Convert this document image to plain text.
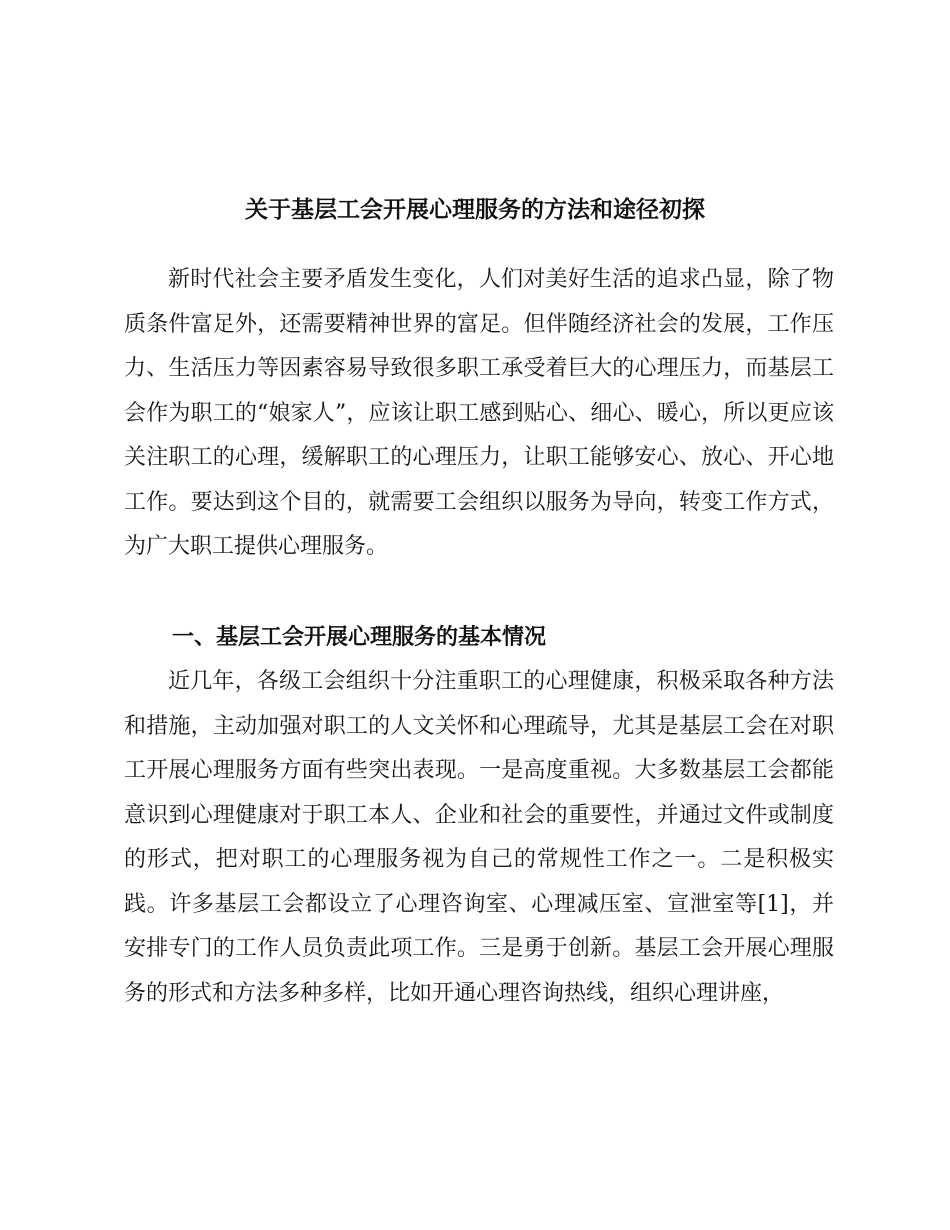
关于基层工会开展心理服务的方法和途径初探

新时代社会主要矛盾发生变化，人们对美好生活的追求凸显，除了物质条件富足外，还需要精神世界的富足。但伴随经济社会的发展，工作压力、生活压力等因素容易导致很多职工承受着巨大的心理压力，而基层工会作为职工的“娘家人”，应该让职工感到贴心、细心、暖心，所以更应该关注职工的心理，缓解职工的心理压力，让职工能够安心、放心、开心地工作。要达到这个目的，就需要工会组织以服务为导向，转变工作方式，为广大职工提供心理服务。

一、基层工会开展心理服务的基本情况

近几年，各级工会组织十分注重职工的心理健康，积极采取各种方法和措施，主动加强对职工的人文关怀和心理疏导，尤其是基层工会在对职工开展心理服务方面有些突出表现。一是高度重视。大多数基层工会都能意识到心理健康对于职工本人、企业和社会的重要性，并通过文件或制度的形式，把对职工的心理服务视为自己的常规性工作之一。二是积极实践。许多基层工会都设立了心理咨询室、心理减压室、宣泄室等[1]，并安排专门的工作人员负责此项工作。三是勇于创新。基层工会开展心理服务的形式和方法多种多样，比如开通心理咨询热线，组织心理讲座，
